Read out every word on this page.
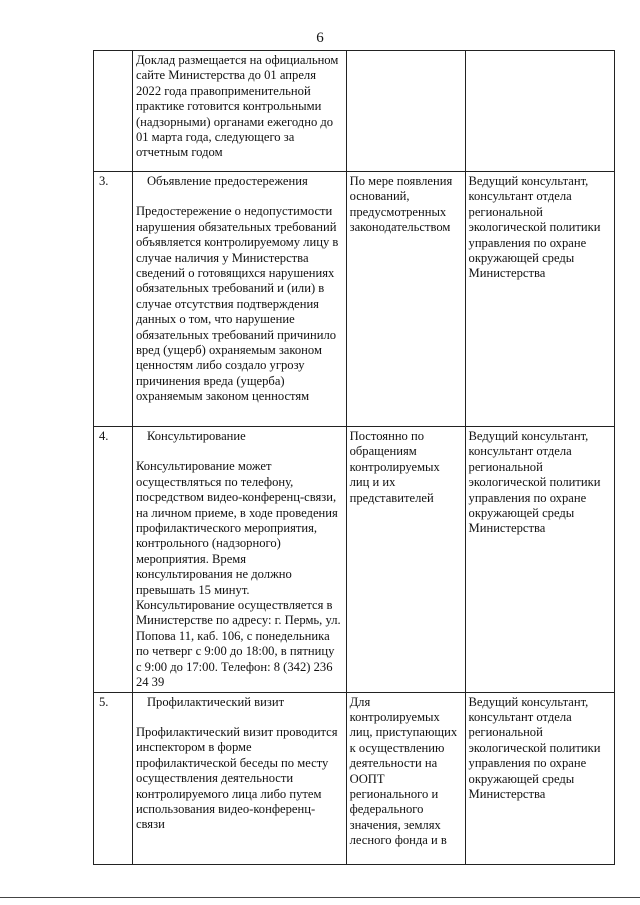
6

	Доклад размещается на официальном сайте Министерства до 01 апреля 2022 года правоприменительной практике готовится контрольными (надзорными) органами ежегодно до 01 марта года, следующего за отчетным годом		

3.	Объявление предостережения
Предостережение о недопустимости нарушения обязательных требований объявляется контролируемому лицу в случае наличия у Министерства сведений о готовящихся нарушениях обязательных требований и (или) в случае отсутствия подтверждения данных о том, что нарушение обязательных требований причинило вред (ущерб) охраняемым законом ценностям либо создало угрозу причинения вреда (ущерба) охраняемым законом ценностям	По мере появления оснований, предусмотренных законодательством	Ведущий консультант, консультант отдела региональной экологической политики управления по охране окружающей среды Министерства
4.	Консультирование
Консультирование может осуществляться по телефону, посредством видео-конференц-связи, на личном приеме, в ходе проведения профилактического мероприятия, контрольного (надзорного) мероприятия. Время консультирования не должно превышать 15 минут. Консультирование осуществляется в Министерстве по адресу: г. Пермь, ул. Попова 11, каб. 106, с понедельника по четверг с 9:00 до 18:00, в пятницу с 9:00 до 17:00. Телефон: 8 (342) 236 24 39	Постоянно по обращениям контролируемых лиц и их представителей	Ведущий консультант, консультант отдела региональной экологической политики управления по охране окружающей среды Министерства
5.	Профилактический визит
Профилактический визит проводится инспектором в форме профилактической беседы по месту осуществления деятельности контролируемого лица либо путем использования видео-конференц-связи	Для контролируемых лиц, приступающих к осуществлению деятельности на ООПТ регионального и федерального значения, землях лесного фонда и в	Ведущий консультант, консультант отдела региональной экологической политики управления по охране окружающей среды Министерства
